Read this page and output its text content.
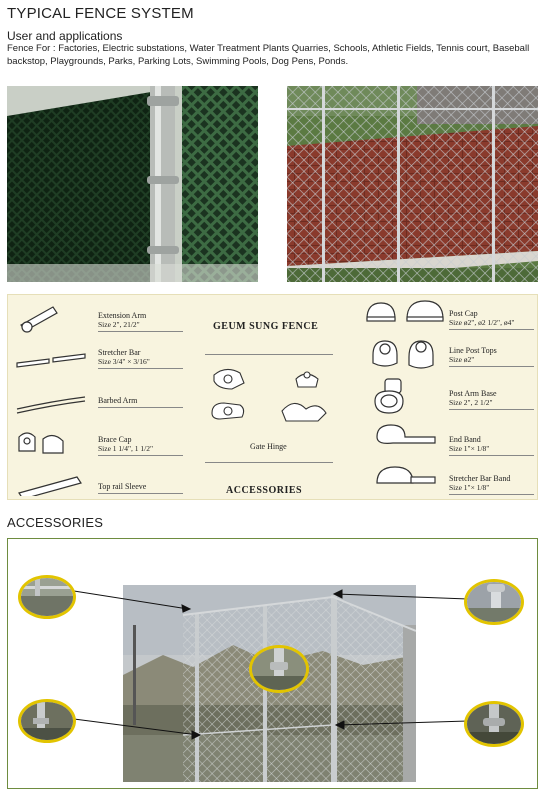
TYPICAL FENCE SYSTEM
User and applications
Fence For : Factories, Electric substations, Water Treatment Plants Quarries, Schools, Athletic Fields, Tennis court, Baseball backstop, Playgrounds, Parks, Parking Lots, Swimming Pools, Dog Pens, Ponds.
Extension Arm
Size 2", 21/2"
Stretcher Bar
Size 3/4" × 3/16"
Barbed Arm
Brace Cap
Size 1 1/4", 1 1/2"
Top rail Sleeve
GEUM SUNG FENCE
Gate Hinge
ACCESSORIES
Post Cap
Size ø2", ø2 1/2", ø4"
Line Post Tops
Size ø2"
Post Arm Base
Size 2", 2 1/2"
End Band
Size 1"× 1/8"
Stretcher Bar Band
Size 1"× 1/8"
ACCESSORIES
